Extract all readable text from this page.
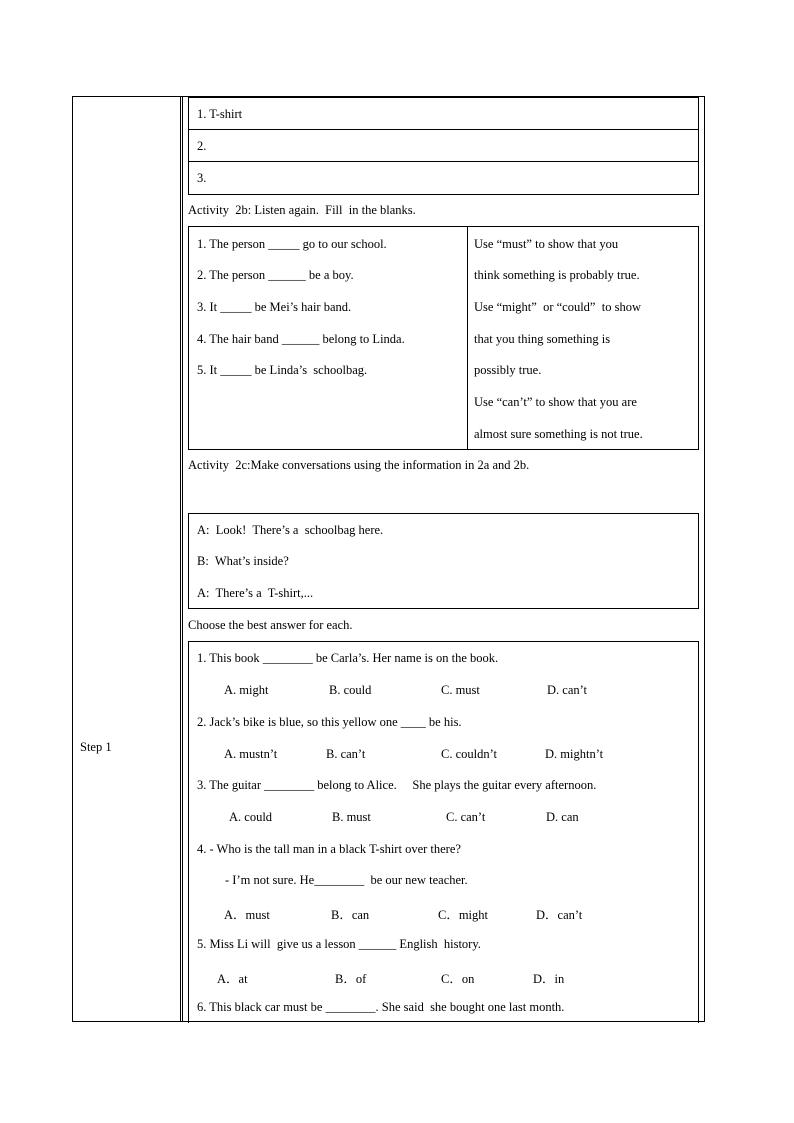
Step 1
1. T-shirt
2.
3.
Activity  2b: Listen again.  Fill  in the blanks.
1. The person _____ go to our school.
2. The person ______ be a boy.
3. It _____ be Mei’s hair band.
4. The hair band ______ belong to Linda.
5. It _____ be Linda’s  schoolbag.
Use “must” to show that you
think something is probably true.
Use “might”  or “could”  to show
that you thing something is
possibly true.
Use “can’t” to show that you are
almost sure something is not true.
Activity  2c:Make conversations using the information in 2a and 2b.
A:  Look!  There’s a  schoolbag here.
B:  What’s inside?
A:  There’s a  T-shirt,...
Choose the best answer for each.
1. This book ________ be Carla’s. Her name is on the book.
A. might	B. could	C. must	D. can’t
2. Jack’s bike is blue, so this yellow one ____ be his.
A. mustn’t	B. can’t	C. couldn’t	D. mightn’t
3. The guitar ________ belong to Alice.     She plays the guitar every afternoon.
A. could	B. must	C. can’t	D. can
4. - Who is the tall man in a black T-shirt over there?
- I’m not sure. He________  be our new teacher.
A．must	B．can	C．might	D．can’t
5. Miss Li will  give us a lesson ______ English  history.
A．at	B．of	C．on	D．in
6. This black car must be ________. She said  she bought one last month.
